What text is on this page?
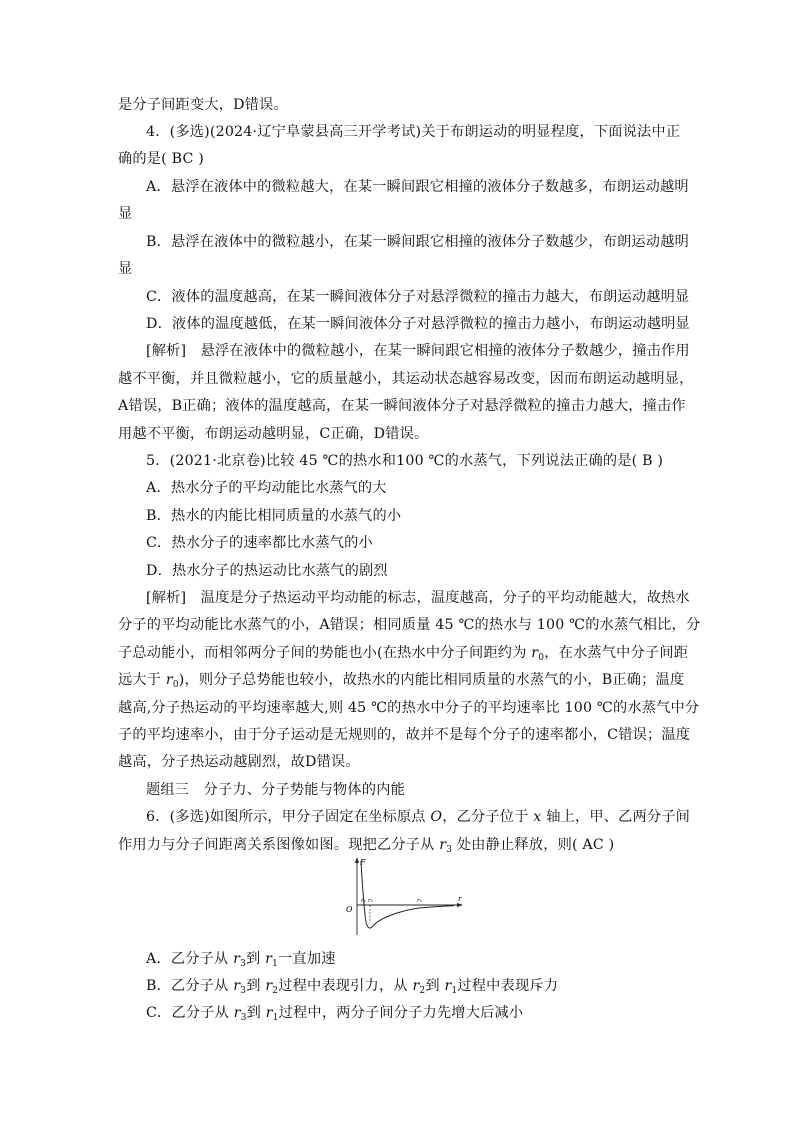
是分子间距变大，D错误。
4．(多选)(2024·辽宁阜蒙县高三开学考试)关于布朗运动的明显程度，下面说法中正
确的是( BC )
A．悬浮在液体中的微粒越大，在某一瞬间跟它相撞的液体分子数越多，布朗运动越明
显
B．悬浮在液体中的微粒越小，在某一瞬间跟它相撞的液体分子数越少，布朗运动越明
显
C．液体的温度越高，在某一瞬间液体分子对悬浮微粒的撞击力越大，布朗运动越明显
D．液体的温度越低，在某一瞬间液体分子对悬浮微粒的撞击力越小，布朗运动越明显
[解析]　悬浮在液体中的微粒越小，在某一瞬间跟它相撞的液体分子数越少，撞击作用
越不平衡，并且微粒越小，它的质量越小，其运动状态越容易改变，因而布朗运动越明显，
A错误，B正确；液体的温度越高，在某一瞬间液体分子对悬浮微粒的撞击力越大，撞击作
用越不平衡，布朗运动越明显，C正确，D错误。
5．(2021·北京卷)比较 45 ℃的热水和100 ℃的水蒸气，下列说法正确的是( B )
A．热水分子的平均动能比水蒸气的大
B．热水的内能比相同质量的水蒸气的小
C．热水分子的速率都比水蒸气的小
D．热水分子的热运动比水蒸气的剧烈
[解析]　温度是分子热运动平均动能的标志，温度越高，分子的平均动能越大，故热水
分子的平均动能比水蒸气的小，A错误；相同质量 45 ℃的热水与 100 ℃的水蒸气相比，分
子总动能小，而相邻两分子间的势能也小(在热水中分子间距约为 $r_0$，在水蒸气中分子间距
远大于 $r_0$)，则分子总势能也较小，故热水的内能比相同质量的水蒸气的小，B正确；温度
越高,分子热运动的平均速率越大,则 45 ℃的热水中分子的平均速率比 100 ℃的水蒸气中分
子的平均速率小，由于分子运动是无规则的，故并不是每个分子的速率都小，C错误；温度
越高，分子热运动越剧烈，故D错误。
题组三　分子力、分子势能与物体的内能
6．(多选)如图所示，甲分子固定在坐标原点 O，乙分子位于 x 轴上，甲、乙两分子间
作用力与分子间距离关系图像如图。现把乙分子从 $r_3$ 处由静止释放，则( AC )
F
O
r
r₁ r₂	r₃
A．乙分子从 $r_3$到 $r_1$一直加速
B．乙分子从 $r_3$到 $r_2$过程中表现引力，从 $r_2$到 $r_1$过程中表现斥力
C．乙分子从 $r_3$到 $r_1$过程中，两分子间分子力先增大后减小
